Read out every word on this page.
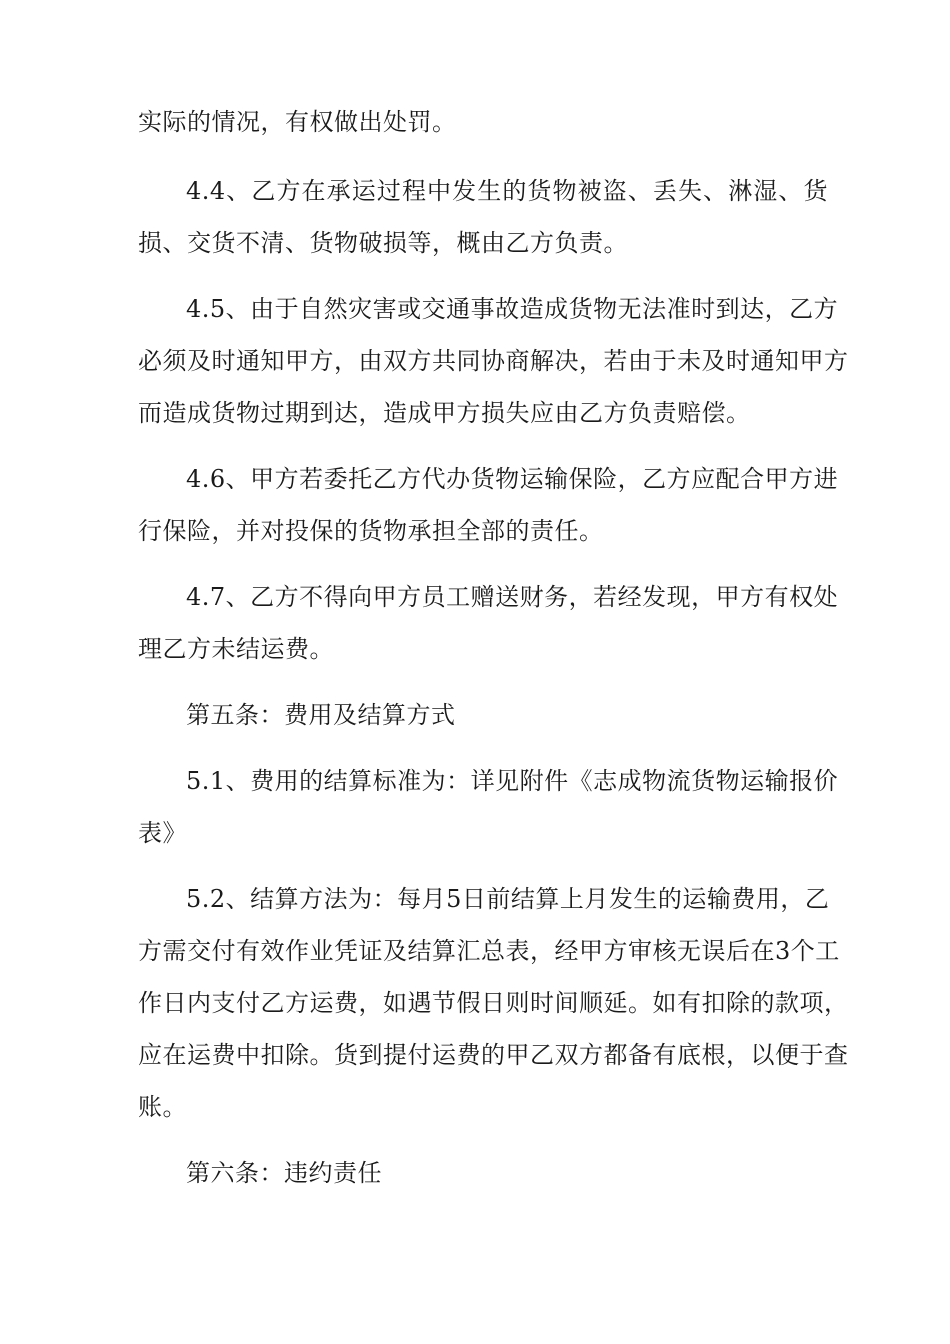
实际的情况，有权做出处罚。
4.4、乙方在承运过程中发生的货物被盗、丢失、淋湿、货
损、交货不清、货物破损等，概由乙方负责。
4.5、由于自然灾害或交通事故造成货物无法准时到达，乙方
必须及时通知甲方，由双方共同协商解决，若由于未及时通知甲方
而造成货物过期到达，造成甲方损失应由乙方负责赔偿。
4.6、甲方若委托乙方代办货物运输保险，乙方应配合甲方进
行保险，并对投保的货物承担全部的责任。
4.7、乙方不得向甲方员工赠送财务，若经发现，甲方有权处
理乙方未结运费。
第五条：费用及结算方式
5.1、费用的结算标准为：详见附件《志成物流货物运输报价
表》
5.2、结算方法为：每月5日前结算上月发生的运输费用，乙
方需交付有效作业凭证及结算汇总表，经甲方审核无误后在3个工
作日内支付乙方运费，如遇节假日则时间顺延。如有扣除的款项，
应在运费中扣除。货到提付运费的甲乙双方都备有底根，以便于查
账。
第六条：违约责任
